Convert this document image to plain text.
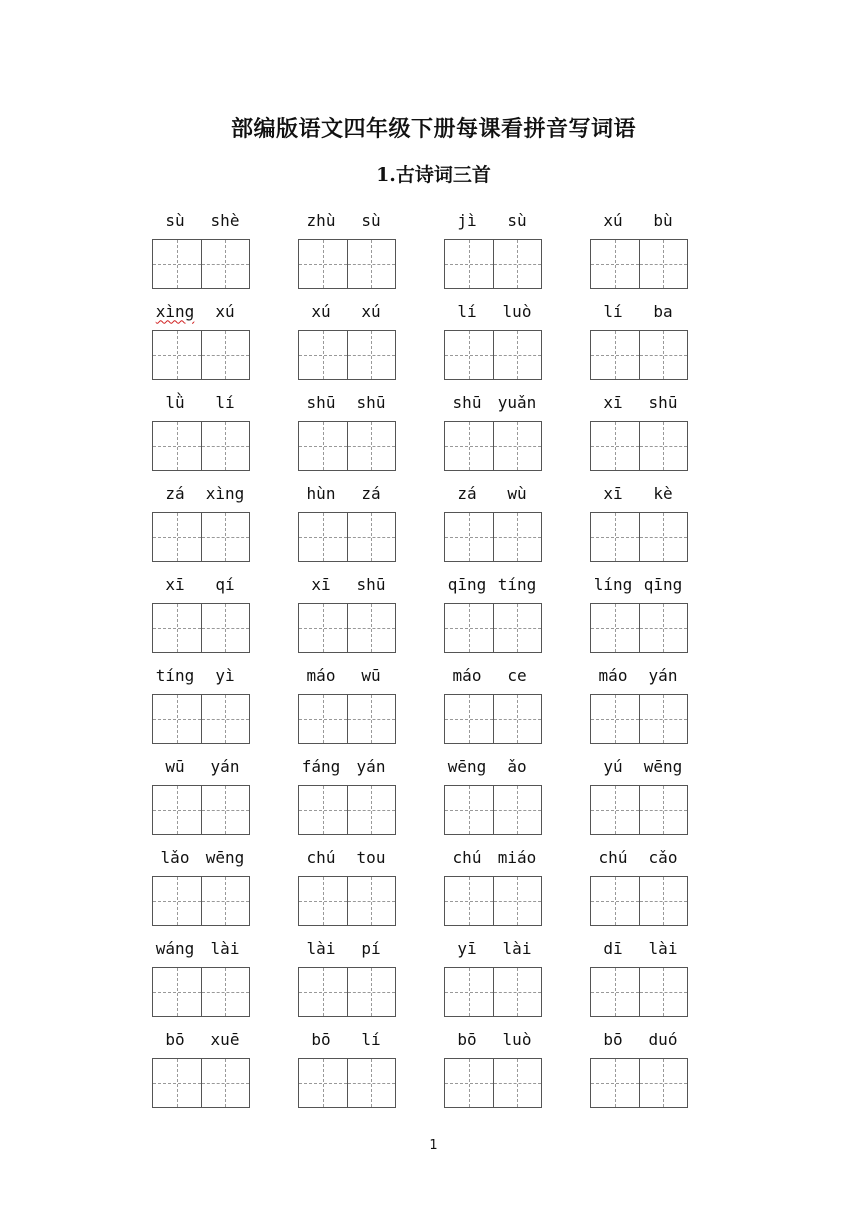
部编版语文四年级下册每课看拼音写词语
1.古诗词三首
sù	shè	zhù	sù	jì	sù	xú	bù
xìng	xú	xú	xú	lí	luò	lí	ba
lǜ	lí	shū	shū	shū	yuǎn	xī	shū
zá	xìng	hùn	zá	zá	wù	xī	kè
xī	qí	xī	shū	qīng tíng	líng qīng
tíng	yì	máo	wū	máo	ce	máo	yán
wū	yán	fáng	yán	wēng	ǎo	yú	wēng
lǎo	wēng	chú	tou	chú	miáo	chú	cǎo
wáng	lài	lài	pí	yī	lài	dī	lài
bō	xuē	bō	lí	bō	luò	bō	duó
1
